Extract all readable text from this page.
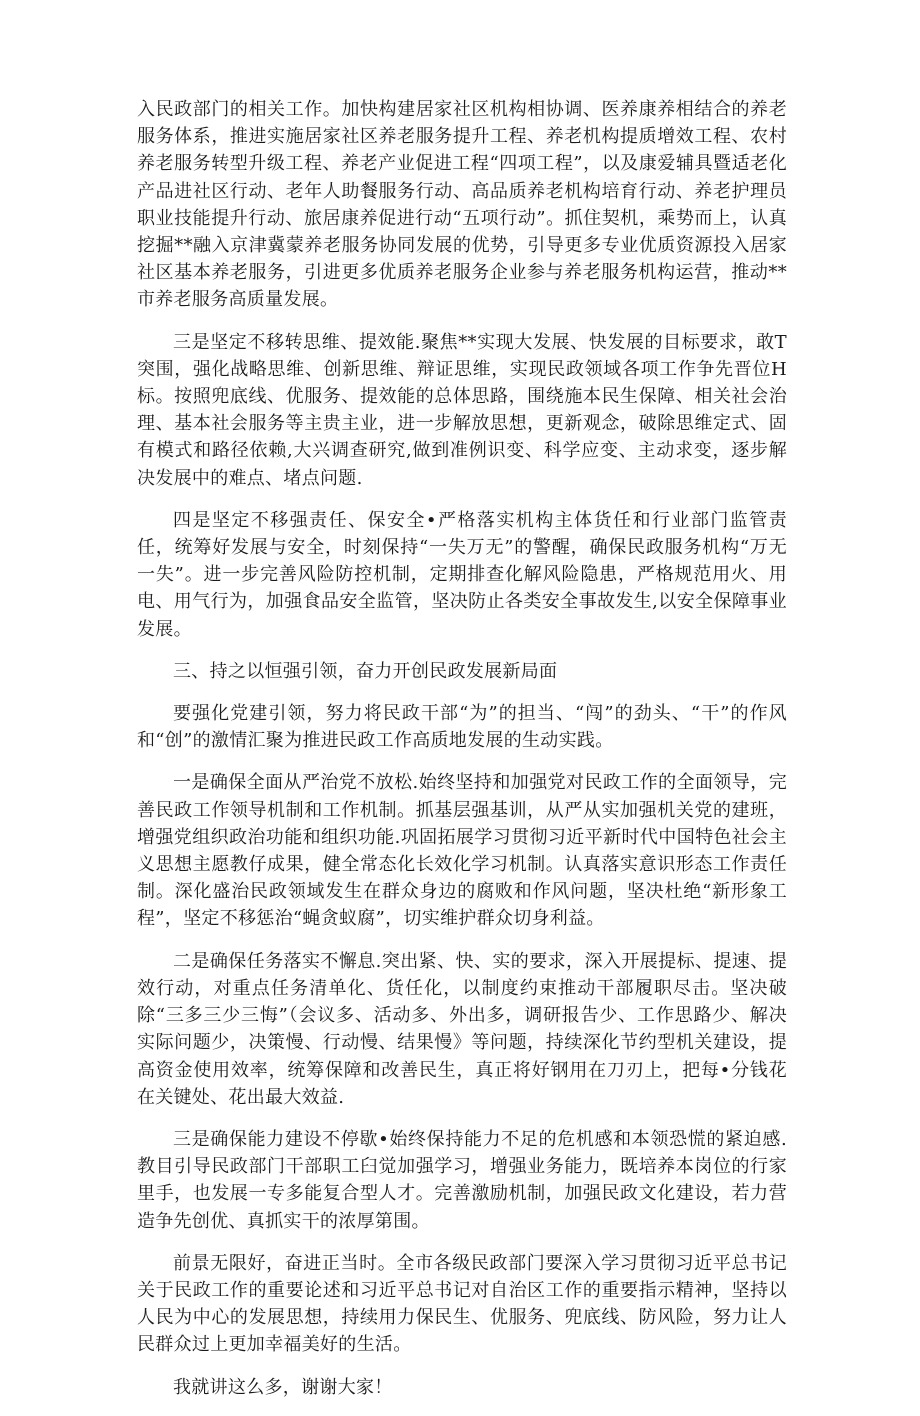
入民政部门的相关工作。加快构建居家社区机构相协调、医养康养相结合的养老服务体系，推进实施居家社区养老服务提升工程、养老机构提质增效工程、农村养老服务转型升级工程、养老产业促进工程“四项工程”，以及康爱辅具暨适老化产品进社区行动、老年人助餐服务行动、高品质养老机构培育行动、养老护理员职业技能提升行动、旅居康养促进行动“五项行动”。抓住契机，乘势而上，认真挖掘**融入京津冀蒙养老服务协同发展的优势，引导更多专业优质资源投入居家社区基本养老服务，引进更多优质养老服务企业参与养老服务机构运营，推动**市养老服务高质量发展。

三是坚定不移转思维、提效能.聚焦**实现大发展、快发展的目标要求，敢T突围，强化战略思维、创新思维、辩证思维，实现民政领域各项工作争先晋位H标。按照兜底线、优服务、提效能的总体思路，围绕施本民生保障、相关社会治理、基本社会服务等主贵主业，进一步解放思想，更新观念，破除思维定式、固有模式和路径依赖,大兴调查研究,做到准例识变、科学应变、主动求变，逐步解决发展中的难点、堵点问题.

四是坚定不移强责任、保安全•严格落实机构主体货任和行业部门监管责任，统筹好发展与安全，时刻保持“一失万无”的警醒，确保民政服务机构“万无一失”。进一步完善风险防控机制，定期排查化解风险隐患，严格规范用火、用电、用气行为，加强食品安全监管，坚决防止各类安全事故发生,以安全保障事业发展。

三、持之以恒强引领，奋力开创民政发展新局面

要强化党建引领，努力将民政干部“为”的担当、“闯”的劲头、“干”的作风和“创”的激情汇聚为推进民政工作高质地发展的生动实践。

一是确保全面从严治党不放松.始终坚持和加强党对民政工作的全面领导，完善民政工作领导机制和工作机制。抓基层强基训，从严从实加强机关党的建班，增强党组织政治功能和组织功能.巩固拓展学习贯彻习近平新时代中国特色社会主义思想主愿教仔成果，健全常态化长效化学习机制。认真落实意识形态工作责任制。深化盛治民政领域发生在群众身边的腐败和作风问题，坚决杜绝“新形象工程”，坚定不移惩治“蝇贪蚁腐”，切实维护群众切身利益。

二是确保任务落实不懈息.突出紧、快、实的要求，深入开展提标、提速、提效行动，对重点任务清单化、货任化，以制度约束推动干部履职尽击。坚决破除“三多三少三悔”（会议多、活动多、外出多，调研报告少、工作思路少、解决实际问题少，决策慢、行动慢、结果慢》等问题，持续深化节约型机关建设，提高资金使用效率，统筹保障和改善民生，真正将好钢用在刀刃上，把每•分钱花在关键处、花出最大效益.

三是确保能力建设不停歇•始终保持能力不足的危机感和本领恐慌的紧迫感.教目引导民政部门干部职工臼觉加强学习，增强业务能力，既培养本岗位的行家里手，也发展一专多能复合型人才。完善激励机制，加强民政文化建设，若力营造争先创优、真抓实干的浓厚第围。

前景无限好，奋进正当时。全市各级民政部门要深入学习贯彻习近平总书记关于民政工作的重要论述和习近平总书记对自治区工作的重要指示精神，坚持以人民为中心的发展思想，持续用力保民生、优服务、兜底线、防风险，努力让人民群众过上更加幸福美好的生活。

我就讲这么多，谢谢大家！
